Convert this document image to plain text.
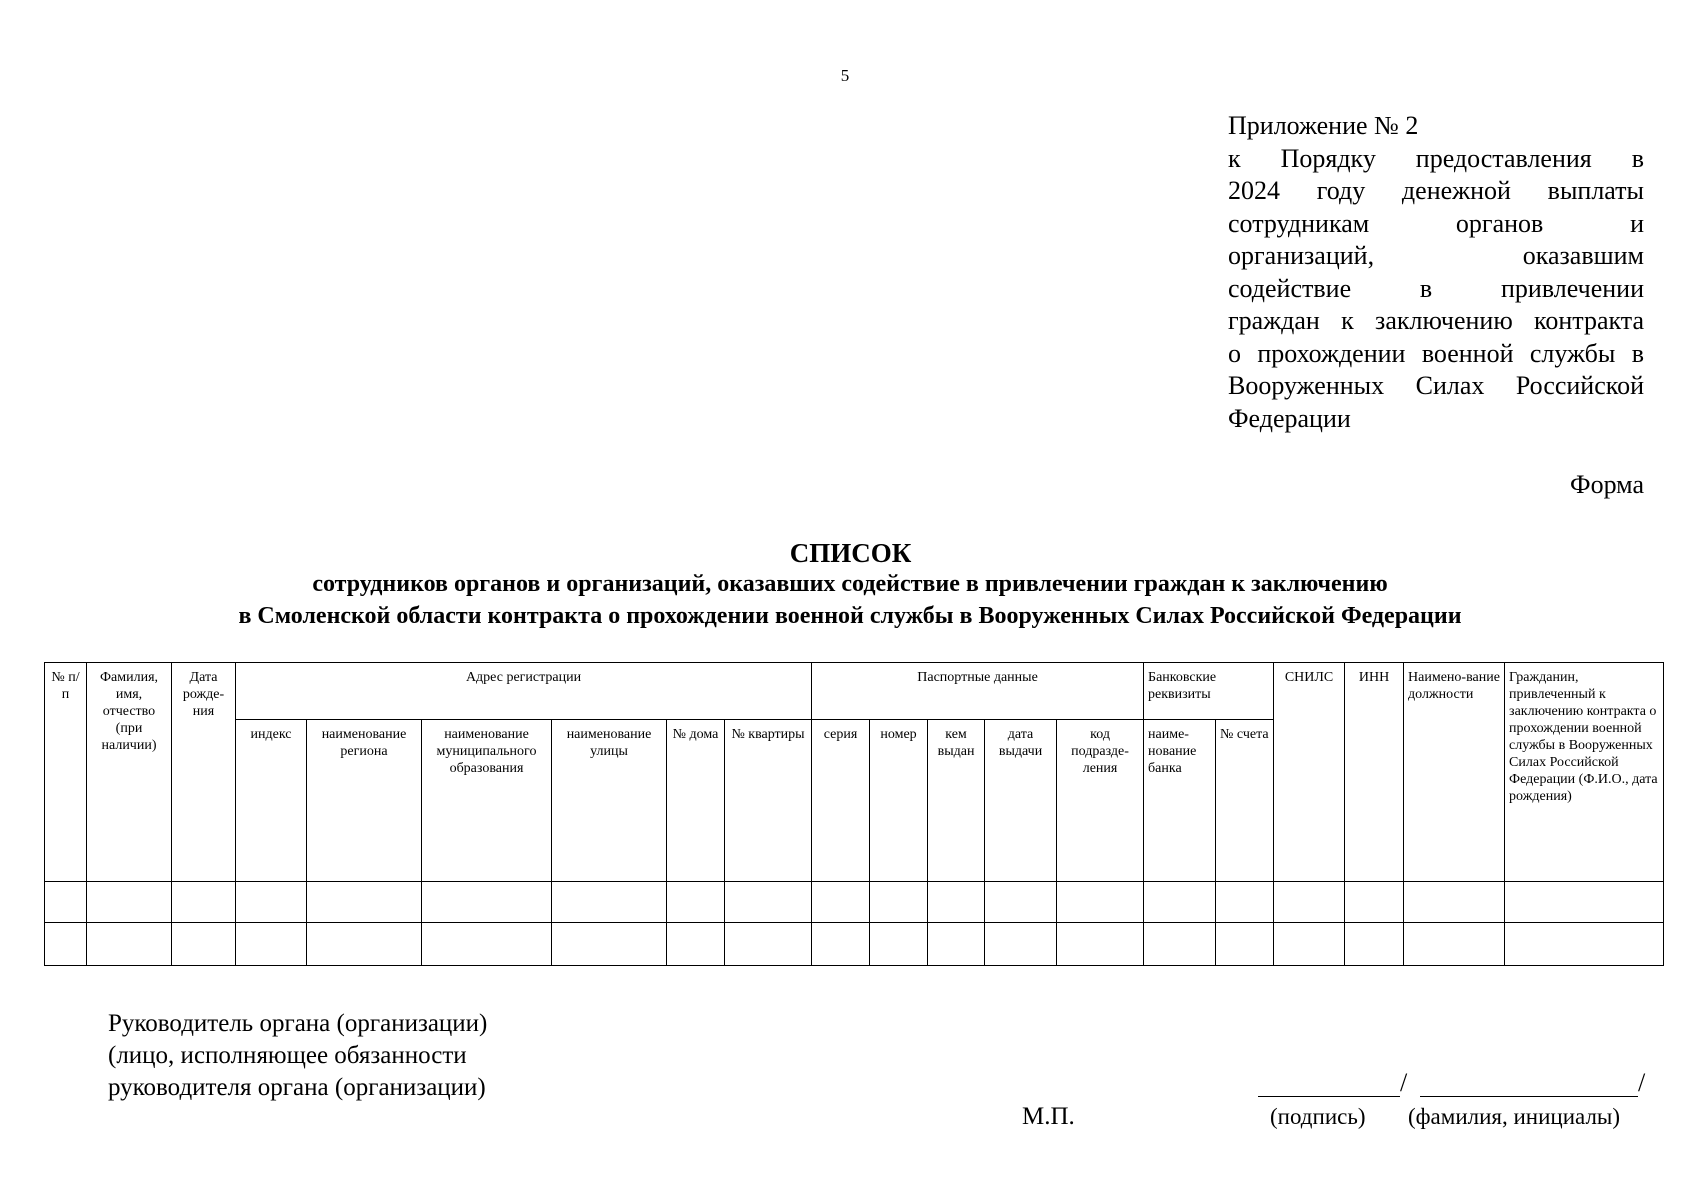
5
Приложение № 2
к Порядку предоставления в
2024 году денежной выплаты
сотрудникам органов и
организаций, оказавшим
содействие в привлечении
граждан к заключению контракта
о прохождении военной службы в
Вооруженных Силах Российской
Федерации
Форма
СПИСОК
сотрудников органов и организаций, оказавших содействие в привлечении граждан к заключению
в Смоленской области контракта о прохождении военной службы в Вооруженных Силах Российской Федерации
№ п/п	Фамилия, имя, отчество (при наличии)	Дата рожде-ния	Адрес регистрации						Паспортные данные					Банковские реквизиты		СНИЛС	ИНН	Наимено-вание должности	Гражданин, привлеченный к заключению контракта о прохождении военной службы в Вооруженных Силах Российской Федерации (Ф.И.О., дата рождения)
			индекс	наименование региона	наименование муниципального образования	наименование улицы	№ дома	№ квартиры	серия	номер	кем выдан	дата выдачи	код подразде-ления	наиме-нование банка	№ счета				

Руководитель органа (организации)
(лицо, исполняющее обязанности
руководителя органа (организации)
М.П.
/	/
(подпись) (фамилия, инициалы)
